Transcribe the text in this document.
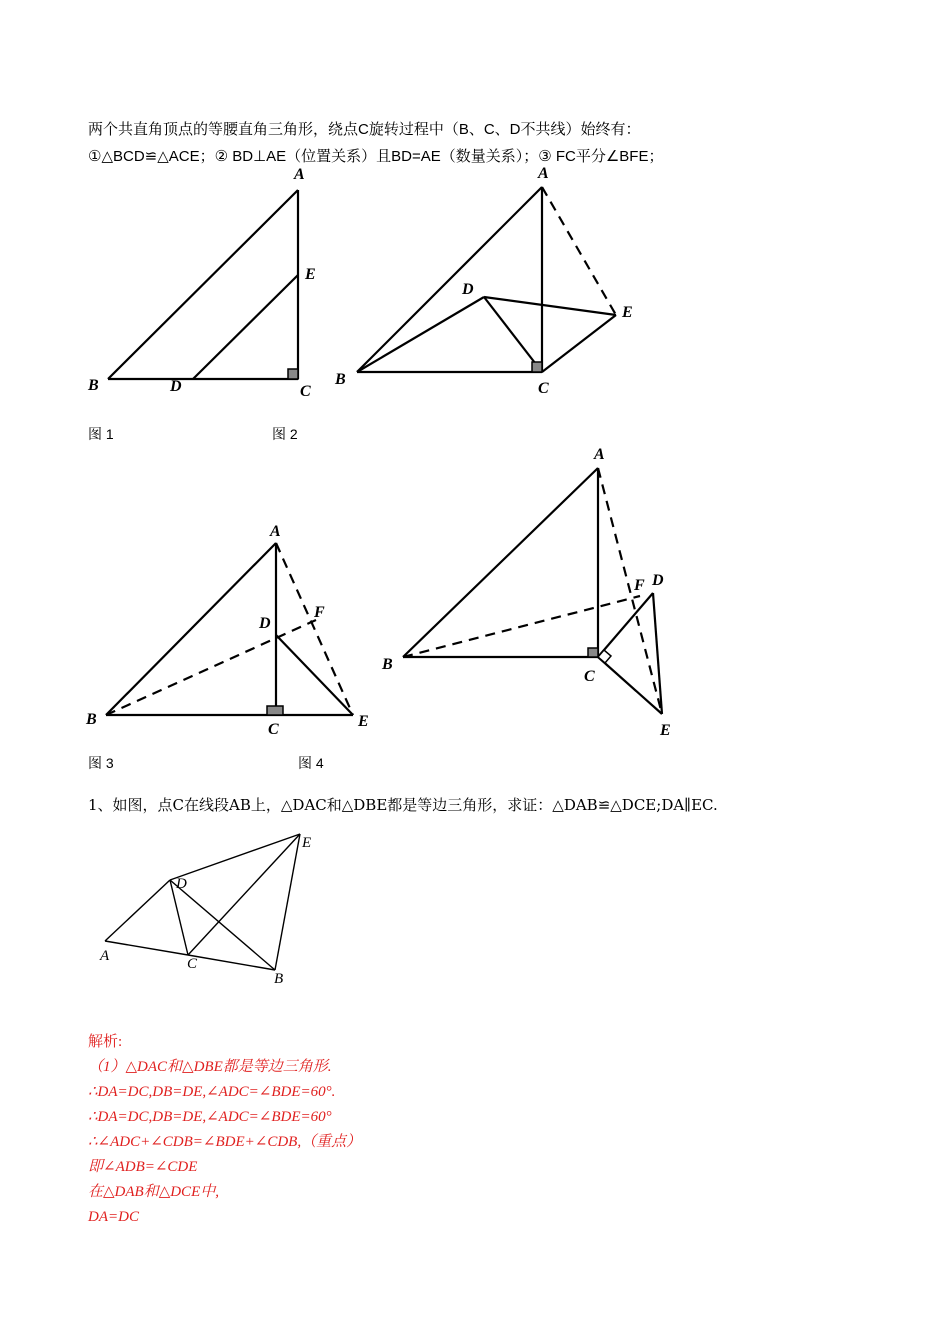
两个共直角顶点的等腰直角三角形，绕点C旋转过程中（B、C、D不共线）始终有：
①△BCD≌△ACE；② BD⊥AE（位置关系）且BD=AE（数量关系）；③ FC平分∠BFE；
A
E
B	D	C
A
D
E
B
C
A
D
F
B	E
C
A
F D
B
C
E
E
D
A	C
B
图 1	图 2
图 3	图 4
1、如图，点C在线段AB上，△DAC和△DBE都是等边三角形，求证：△DAB≌△DCE;DA∥EC.
解析:
（1）△DAC和△DBE都是等边三角形.
∴DA=DC,DB=DE,∠ADC=∠BDE=60°.
∴DA=DC,DB=DE,∠ADC=∠BDE=60°
∴∠ADC+∠CDB=∠BDE+∠CDB,（重点）
即∠ADB=∠CDE
在△DAB和△DCE中,
DA=DC
